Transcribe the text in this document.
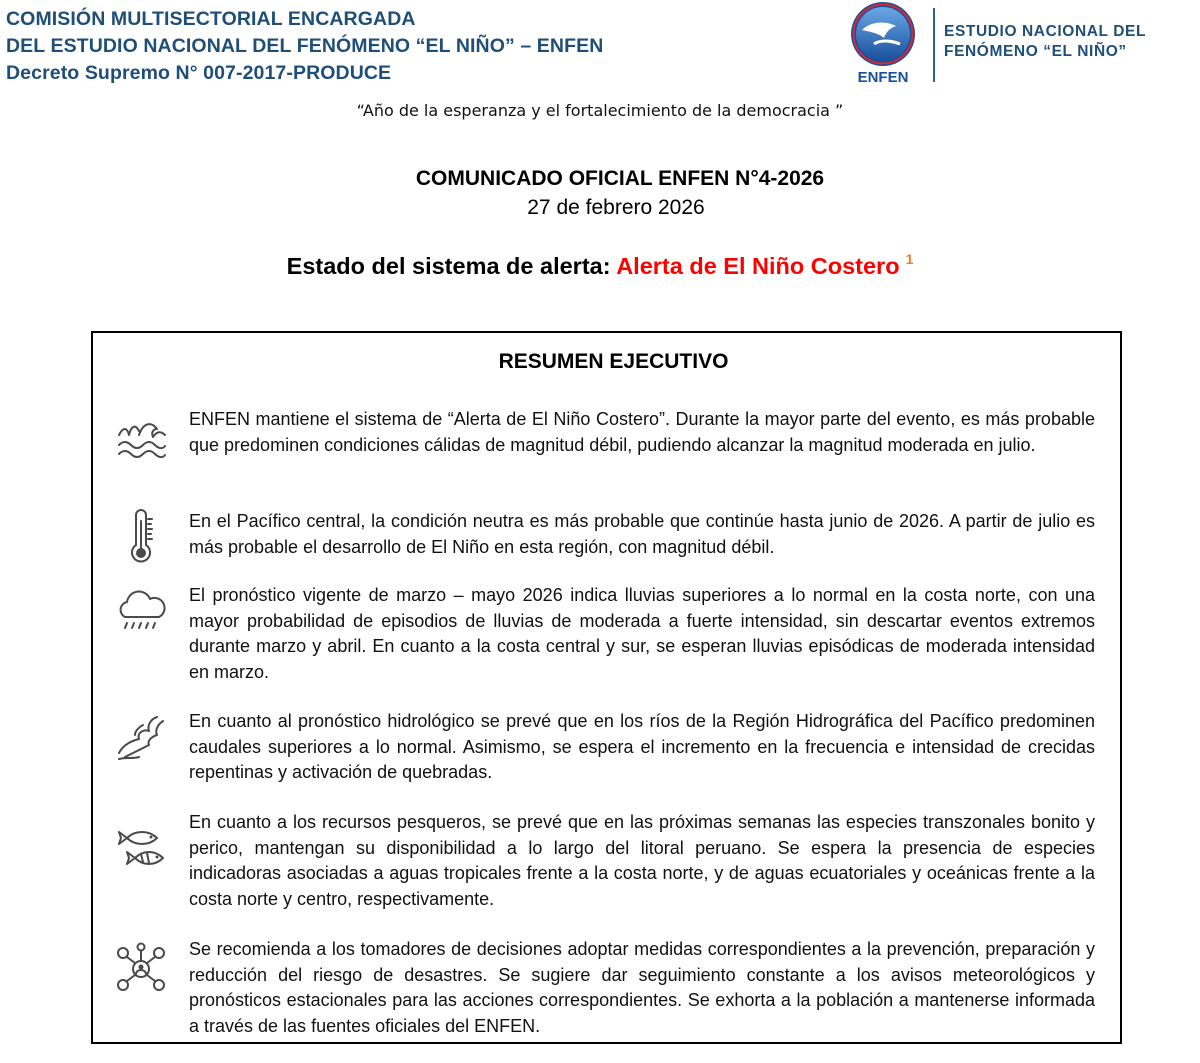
COMISIÓN MULTISECTORIAL ENCARGADA
DEL ESTUDIO NACIONAL DEL FENÓMENO “EL NIÑO” – ENFEN
Decreto Supremo N° 007-2017-PRODUCE	ENFEN
ESTUDIO NACIONAL DEL
FENÓMENO “EL NIÑO”
“Año de la esperanza y el fortalecimiento de la democracia ”
COMUNICADO OFICIAL ENFEN N°4-2026
27 de febrero 2026
Estado del sistema de alerta: Alerta de El Niño Costero $^1$
RESUMEN EJECUTIVO
ENFEN mantiene el sistema de “Alerta de El Niño Costero”. Durante la mayor parte del evento, es más probable que predominen condiciones cálidas de magnitud débil, pudiendo alcanzar la magnitud moderada en julio.
En el Pacífico central, la condición neutra es más probable que continúe hasta junio de 2026. A partir de julio es más probable el desarrollo de El Niño en esta región, con magnitud débil.
El pronóstico vigente de marzo – mayo 2026 indica lluvias superiores a lo normal en la costa norte, con una mayor probabilidad de episodios de lluvias de moderada a fuerte intensidad, sin descartar eventos extremos durante marzo y abril. En cuanto a la costa central y sur, se esperan lluvias episódicas de moderada intensidad en marzo.
En cuanto al pronóstico hidrológico se prevé que en los ríos de la Región Hidrográfica del Pacífico predominen caudales superiores a lo normal. Asimismo, se espera el incremento en la frecuencia e intensidad de crecidas repentinas y activación de quebradas.
En cuanto a los recursos pesqueros, se prevé que en las próximas semanas las especies transzonales bonito y perico, mantengan su disponibilidad a lo largo del litoral peruano. Se espera la presencia de especies indicadoras asociadas a aguas tropicales frente a la costa norte, y de aguas ecuatoriales y oceánicas frente a la costa norte y centro, respectivamente.
Se recomienda a los tomadores de decisiones adoptar medidas correspondientes a la prevención, preparación y reducción del riesgo de desastres. Se sugiere dar seguimiento constante a los avisos meteorológicos y pronósticos estacionales para las acciones correspondientes. Se exhorta a la población a mantenerse informada a través de las fuentes oficiales del ENFEN.
